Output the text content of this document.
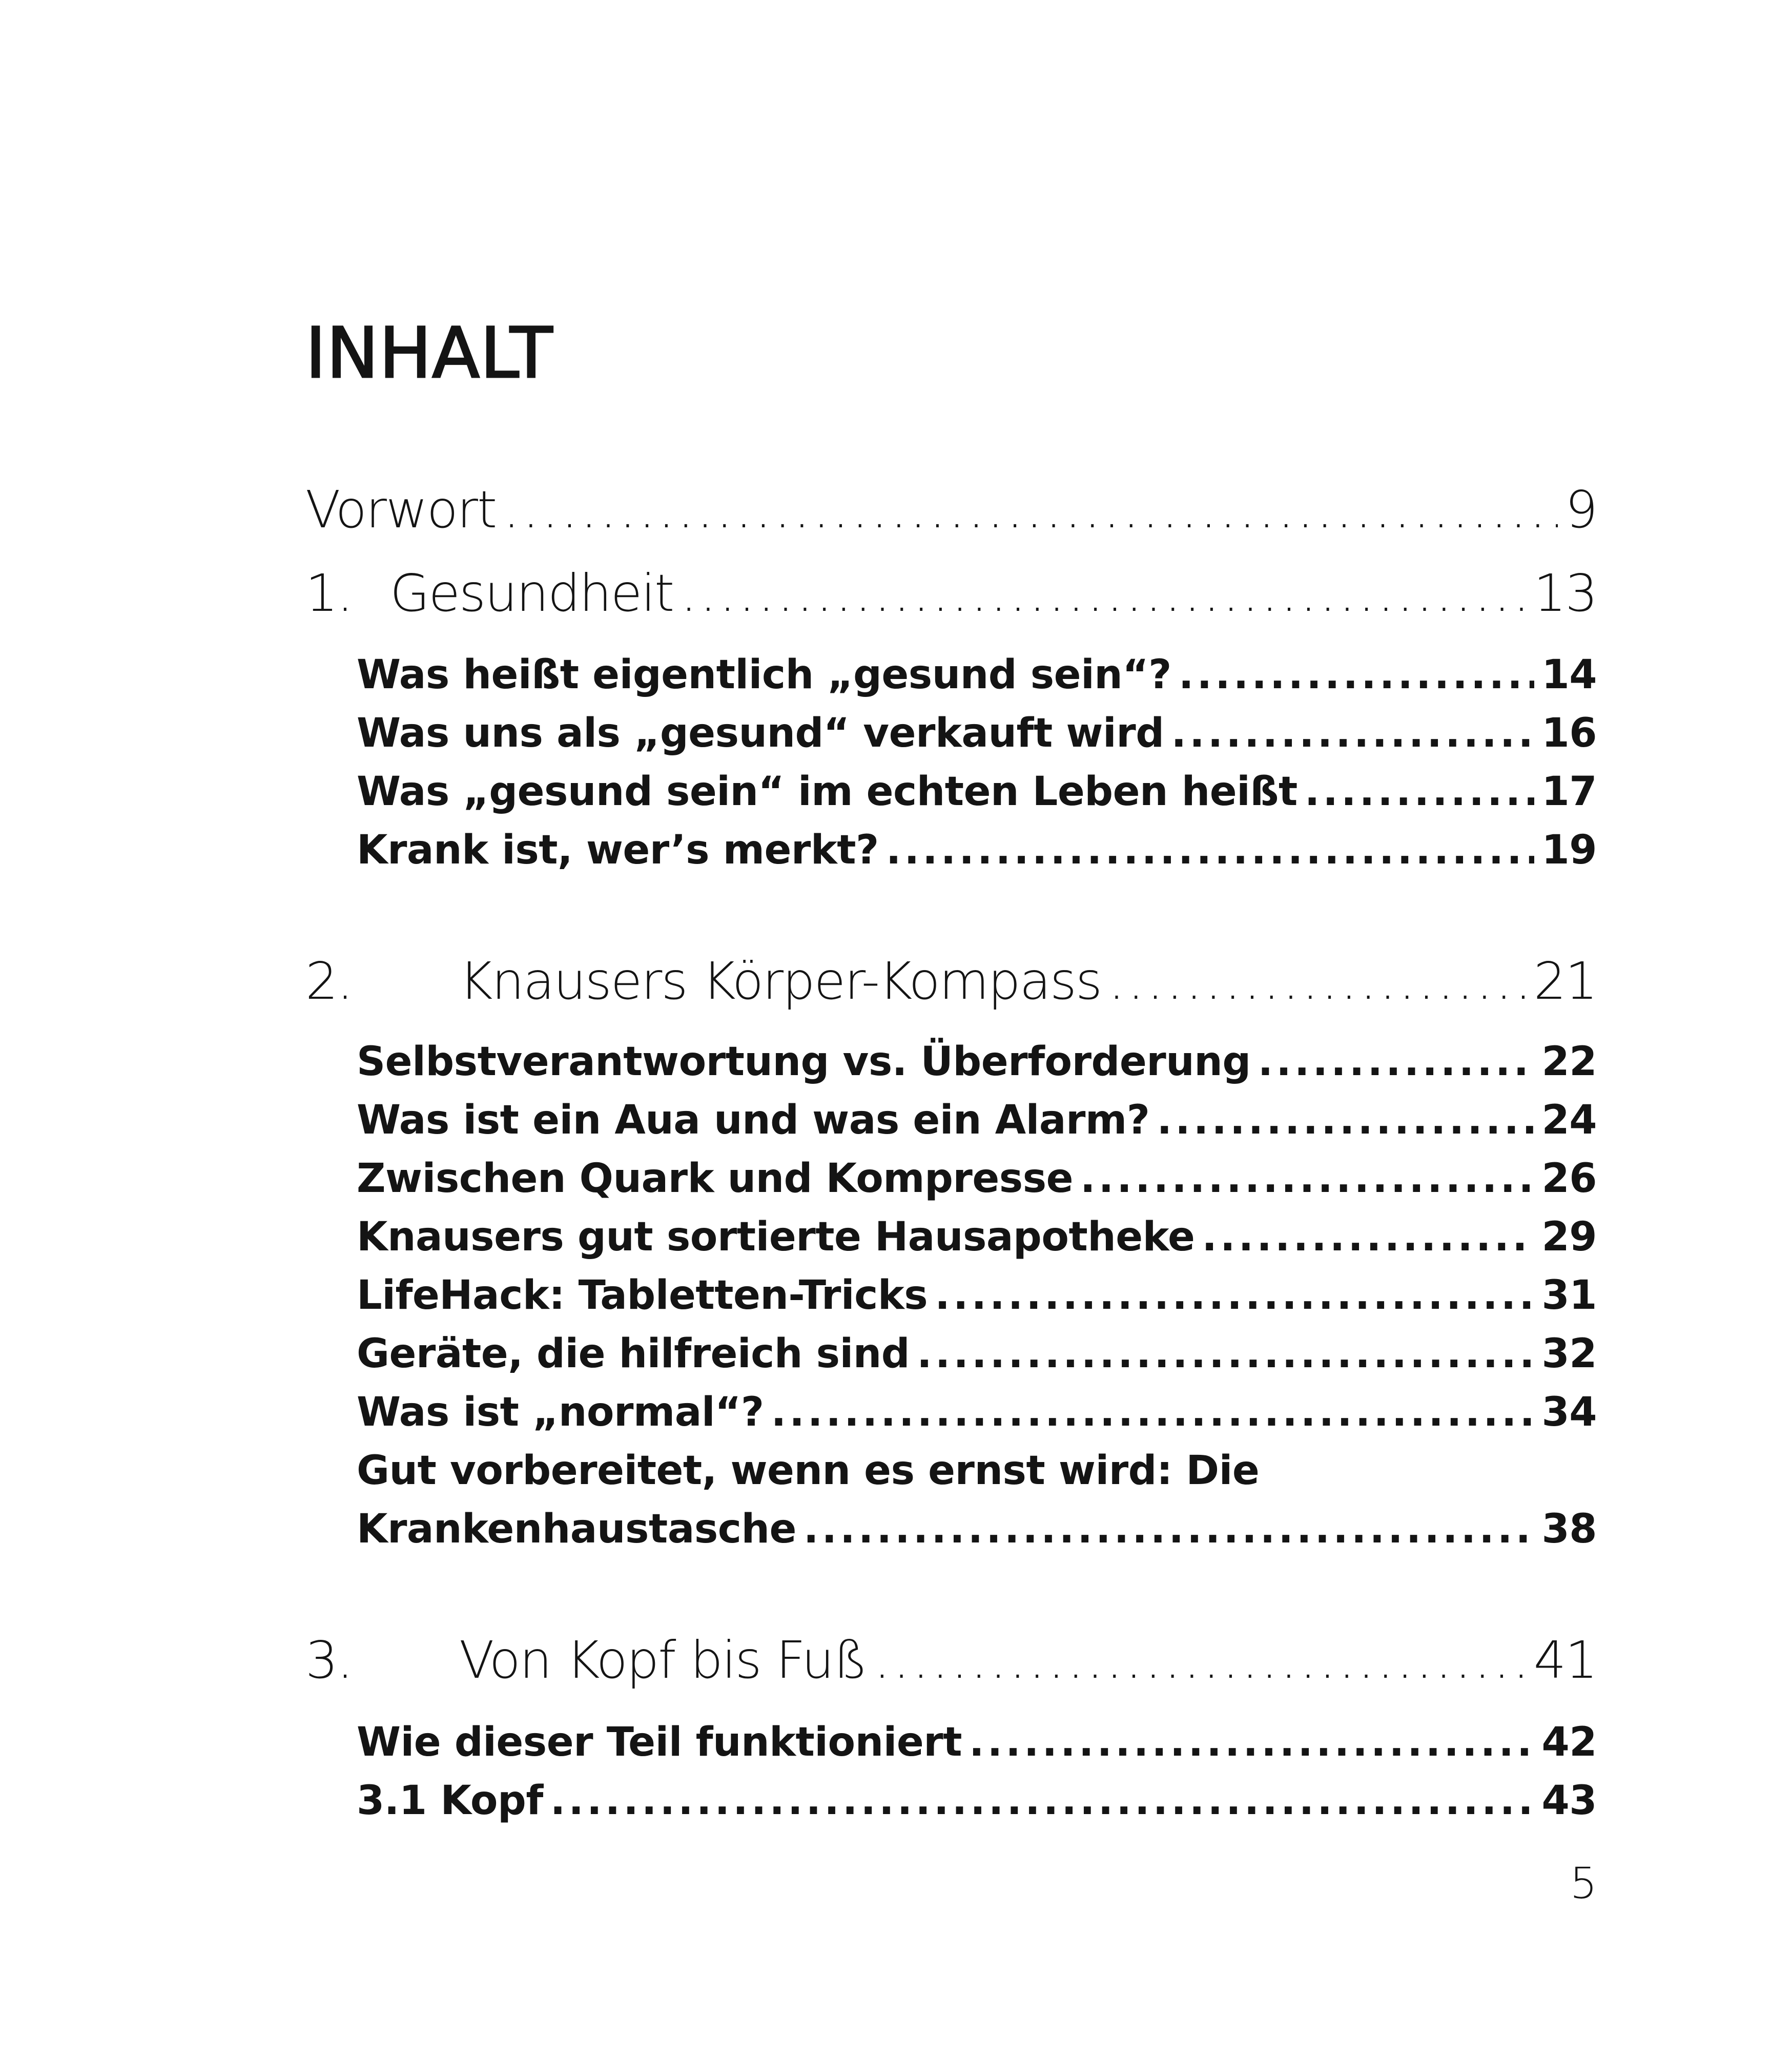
INHALT
Vorwort .....	9
1. Gesundheit .....	13
Was heißt eigentlich „gesund sein“? .....	14
Was uns als „gesund“ verkauft wird .....	16
Was „gesund sein“ im echten Leben heißt .....	17
Krank ist, wer’s merkt? .....	19
2.	Knausers Körper-Kompass .....	21
Selbstverantwortung vs. Überforderung .....	22
Was ist ein Aua und was ein Alarm? .....	24
Zwischen Quark und Kompresse .....	26
Knausers gut sortierte Hausapotheke .....	29
LifeHack: Tabletten-Tricks .....	31
Geräte, die hilfreich sind .....	32
Was ist „normal“? .....	34
Gut vorbereitet, wenn es ernst wird: Die
Krankenhaustasche .....	38
3.	Von Kopf bis Fuß .....	41
Wie dieser Teil funktioniert .....	42
3.1 Kopf .....	43
5
